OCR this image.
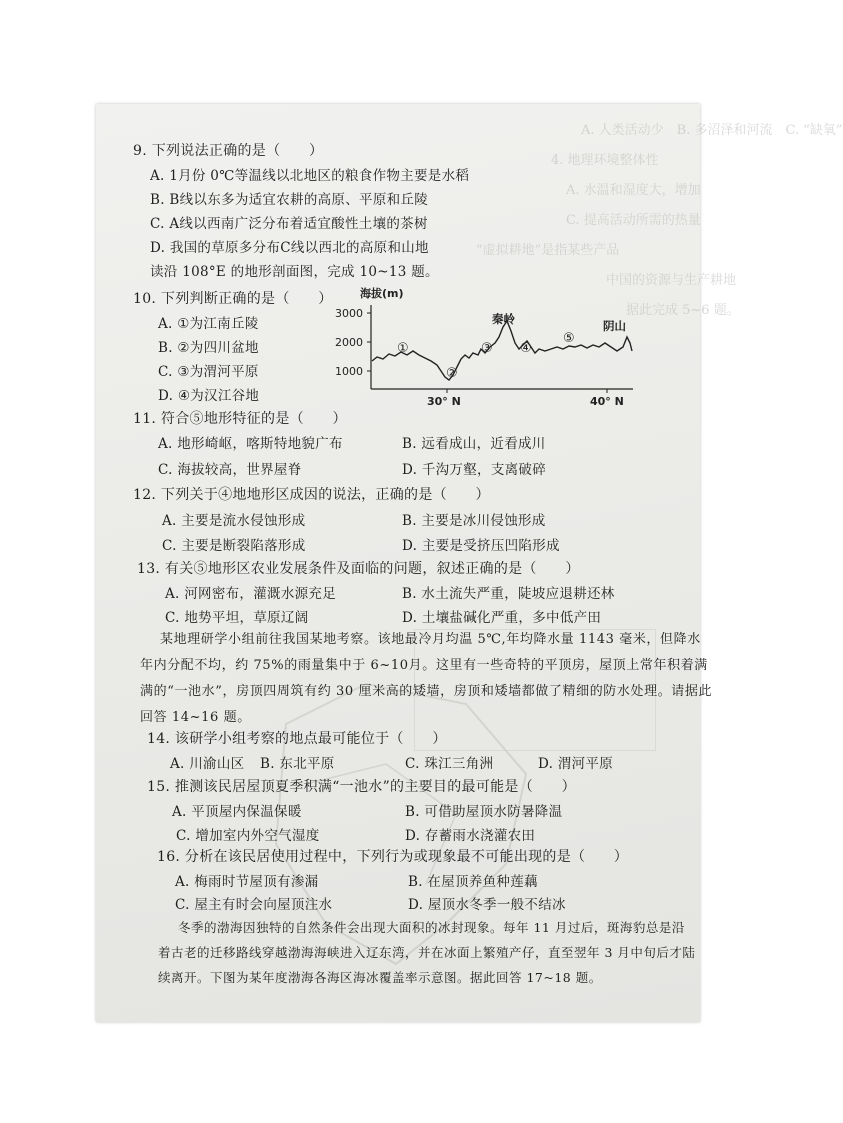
A. 人类活动少　B. 多沼泽和河流　C. “缺氧”
4. 地理环境整体性
A. 水温和湿度大，增加
C. 提高活动所需的热量
“虚拟耕地”是指某些产品
中国的资源与生产耕地
据此完成 5~6 题。
9. 下列说法正确的是（　　）
A. 1月份 0℃等温线以北地区的粮食作物主要是水稻
B. B线以东多为适宜农耕的高原、平原和丘陵
C. A线以西南广泛分布着适宜酸性土壤的茶树
D. 我国的草原多分布C线以西北的高原和山地
读沿 108°E 的地形剖面图，完成 10~13 题。
10. 下列判断正确的是（　　）
A. ①为江南丘陵
B. ②为四川盆地
C. ③为渭河平原
D. ④为汉江谷地
海拔(m)
3000
2000
1000
30° N	40° N
①
②
③ ④
⑤
秦岭	阴山
11. 符合⑤地形特征的是（　　）
A. 地形崎岖，喀斯特地貌广布	B. 远看成山，近看成川
C. 海拔较高，世界屋脊	D. 千沟万壑，支离破碎
12. 下列关于④地地形区成因的说法，正确的是（　　）
A. 主要是流水侵蚀形成	B. 主要是冰川侵蚀形成
C. 主要是断裂陷落形成	D. 主要是受挤压凹陷形成
13. 有关⑤地形区农业发展条件及面临的问题，叙述正确的是（　　）
A. 河网密布，灌溉水源充足	B. 水土流失严重，陡坡应退耕还林
C. 地势平坦，草原辽阔	D. 土壤盐碱化严重，多中低产田
某地理研学小组前往我国某地考察。该地最冷月均温 5℃,年均降水量 1143 毫米，但降水
年内分配不均，约 75%的雨量集中于 6~10月。这里有一些奇特的平顶房，屋顶上常年积着满
满的“一池水”，房顶四周筑有约 30 厘米高的矮墙，房顶和矮墙都做了精细的防水处理。请据此
回答 14~16 题。
14. 该研学小组考察的地点最可能位于（　　）
A. 川渝山区 B. 东北平原	C. 珠江三角洲	D. 渭河平原
15. 推测该民居屋顶夏季积满“一池水”的主要目的最可能是（　　）
A. 平顶屋内保温保暖	B. 可借助屋顶水防暑降温
C. 增加室内外空气湿度	D. 存蓄雨水浇灌农田
16. 分析在该民居使用过程中，下列行为或现象最不可能出现的是（　　）
A. 梅雨时节屋顶有渗漏	B. 在屋顶养鱼种莲藕
C. 屋主有时会向屋顶注水	D. 屋顶水冬季一般不结冰
冬季的渤海因独特的自然条件会出现大面积的冰封现象。每年 11 月过后，斑海豹总是沿
着古老的迁移路线穿越渤海海峡进入辽东湾，并在冰面上繁殖产仔，直至翌年 3 月中旬后才陆
续离开。下图为某年度渤海各海区海冰覆盖率示意图。据此回答 17~18 题。
